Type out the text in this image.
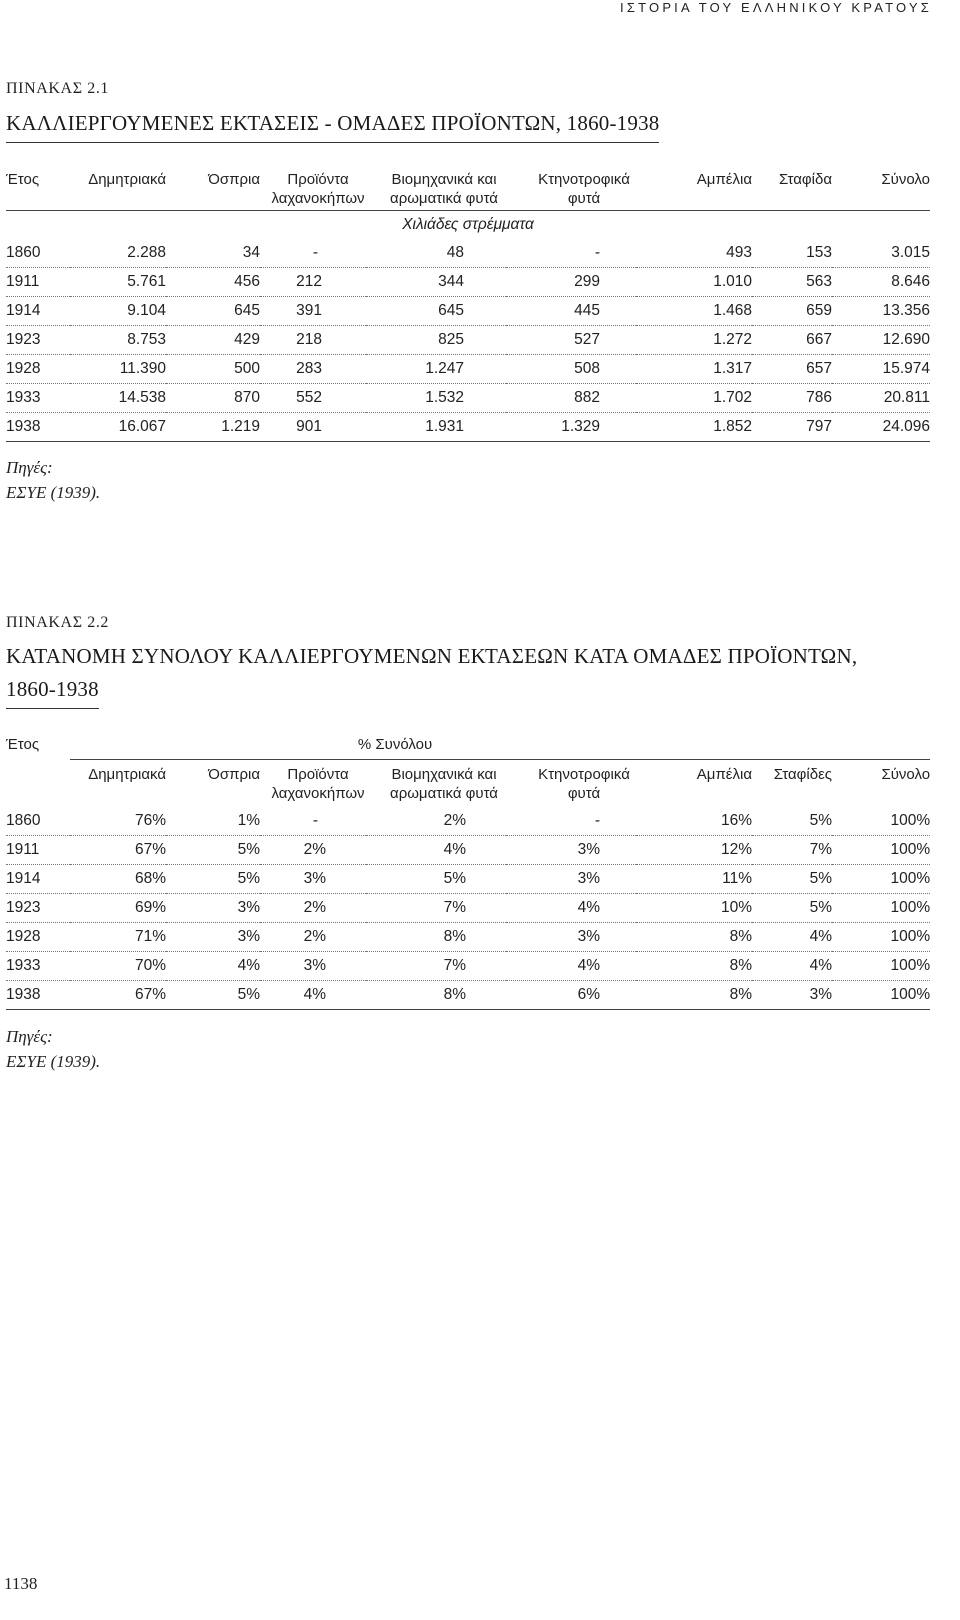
ΙΣΤΟΡΙΑ ΤΟΥ ΕΛΛΗΝΙΚΟΥ ΚΡΑΤΟΥΣ
ΠΙΝΑΚΑΣ 2.1
ΚΑΛΛΙΕΡΓΟΥΜΕΝΕΣ ΕΚΤΑΣΕΙΣ - ΟΜΑΔΕΣ ΠΡΟΪΟΝΤΩΝ, 1860-1938
Έτος	Δημητριακά	Όσπρια	Προϊόντα λαχανοκήπων	Βιομηχανικά και αρωματικά φυτά	Κτηνοτροφικά φυτά	Αμπέλια	Σταφίδα	Σύνολο
Χιλιάδες στρέμματα								
1860	2.288	34	-	48	-	493	153	3.015
1911	5.761	456	212	344	299	1.010	563	8.646
1914	9.104	645	391	645	445	1.468	659	13.356
1923	8.753	429	218	825	527	1.272	667	12.690
1928	11.390	500	283	1.247	508	1.317	657	15.974
1933	14.538	870	552	1.532	882	1.702	786	20.811
1938	16.067	1.219	901	1.931	1.329	1.852	797	24.096
Πηγές:
ΕΣΥΕ (1939).
ΠΙΝΑΚΑΣ 2.2
ΚΑΤΑΝΟΜΗ ΣΥΝΟΛΟΥ ΚΑΛΛΙΕΡΓΟΥΜΕΝΩΝ ΕΚΤΑΣΕΩΝ ΚΑΤΑ ΟΜΑΔΕΣ ΠΡΟΪΟΝΤΩΝ,
1860-1938
Έτος	% Συνόλου							

	Δημητριακά	Όσπρια	Προϊόντα λαχανοκήπων	Βιομηχανικά και αρωματικά φυτά	Κτηνοτροφικά φυτά	Αμπέλια	Σταφίδες	Σύνολο
1860	76%	1%	-	2%	-	16%	5%	100%
1911	67%	5%	2%	4%	3%	12%	7%	100%
1914	68%	5%	3%	5%	3%	11%	5%	100%
1923	69%	3%	2%	7%	4%	10%	5%	100%
1928	71%	3%	2%	8%	3%	8%	4%	100%
1933	70%	4%	3%	7%	4%	8%	4%	100%
1938	67%	5%	4%	8%	6%	8%	3%	100%
Πηγές:
ΕΣΥΕ (1939).
1138
